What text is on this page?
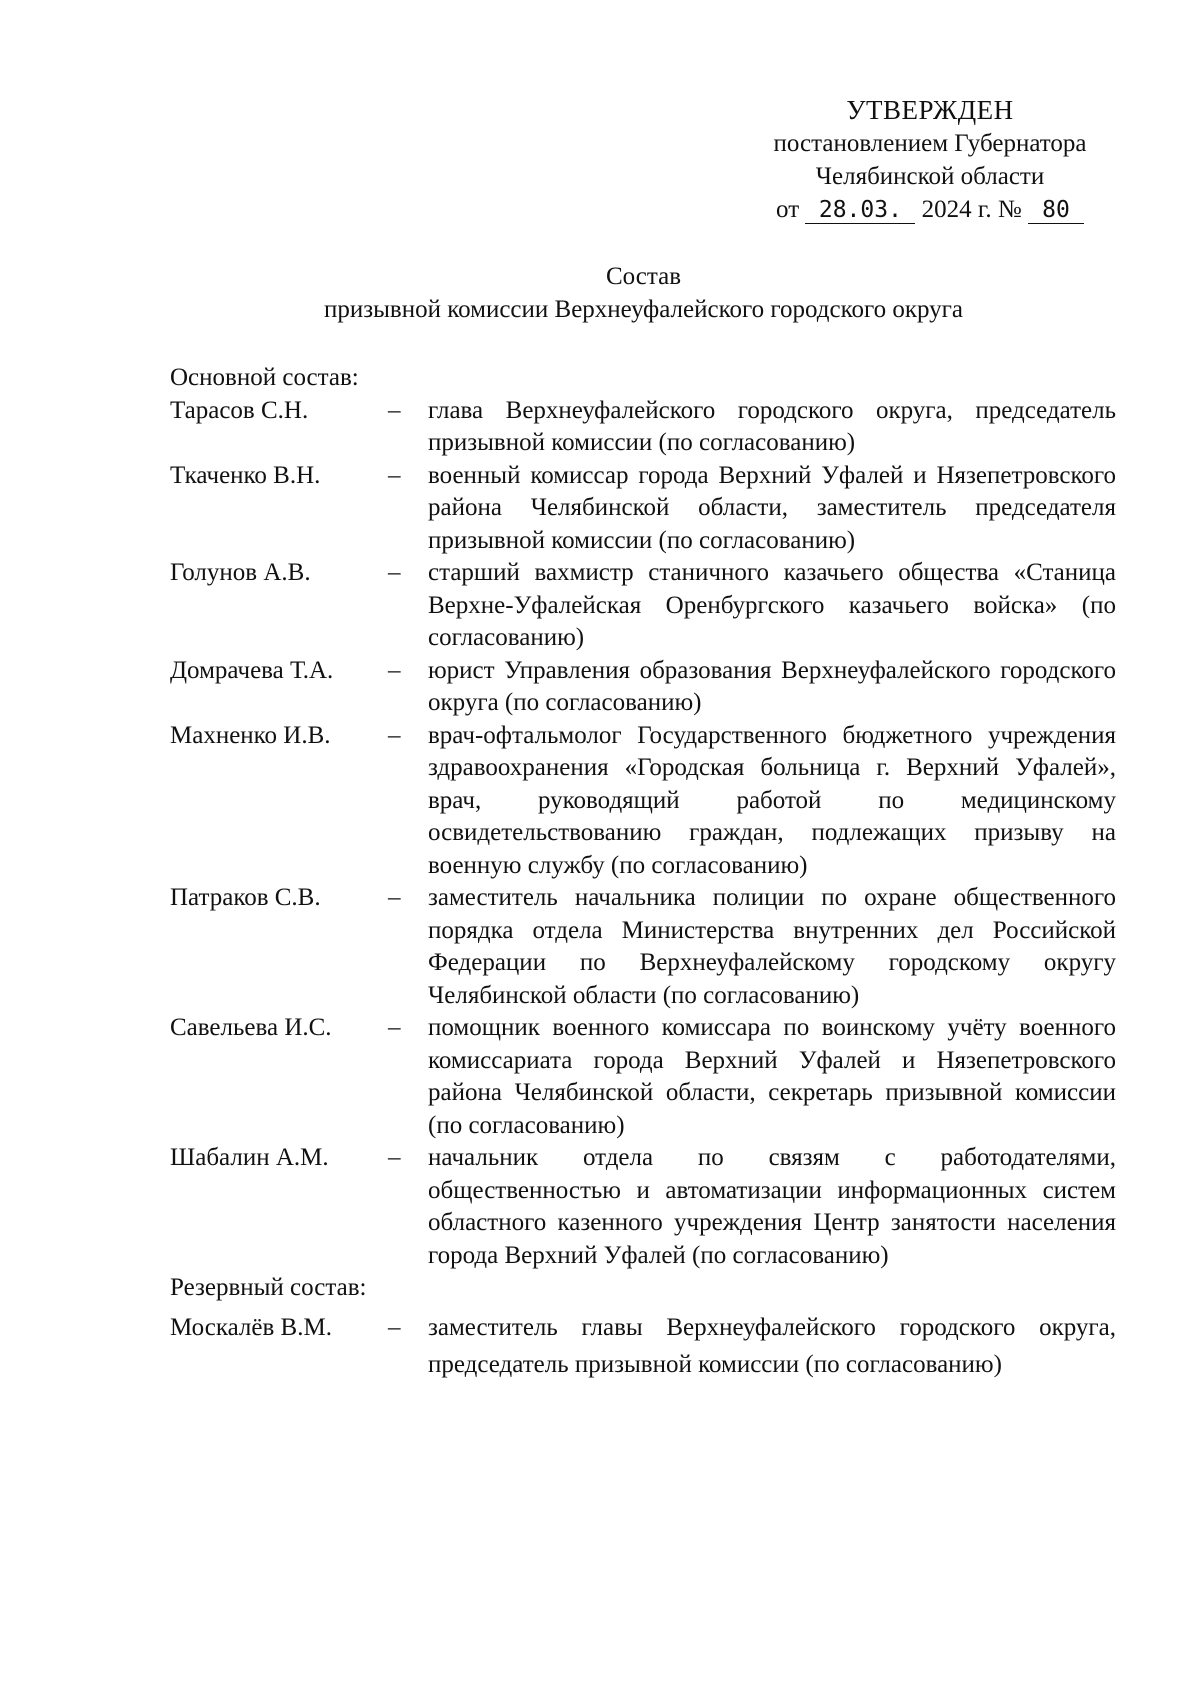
УТВЕРЖДЕН
постановлением Губернатора
Челябинской области
от 28.03. 2024 г. № 80
Состав
призывной комиссии Верхнеуфалейского городского округа
Основной состав:
Тарасов С.Н.	–	глава Верхнеуфалейского городского округа, председатель призывной комиссии (по согласованию)
Ткаченко В.Н.	–	военный комиссар города Верхний Уфалей и Нязепетровского района Челябинской области, заместитель председателя призывной комиссии (по согласованию)
Голунов А.В.	–	старший вахмистр станичного казачьего общества «Станица Верхне-Уфалейская Оренбургского казачьего войска» (по согласованию)
Домрачева Т.А.	–	юрист Управления образования Верхнеуфалейского городского округа (по согласованию)
Махненко И.В.	–	врач-офтальмолог Государственного бюджетного учреждения здравоохранения «Городская больница г. Верхний Уфалей», врач, руководящий работой по медицинскому освидетельствованию граждан, подлежащих призыву на военную службу (по согласованию)
Патраков С.В.	–	заместитель начальника полиции по охране общественного порядка отдела Министерства внутренних дел Российской Федерации по Верхнеуфалейскому городскому округу Челябинской области (по согласованию)
Савельева И.С.	–	помощник военного комиссара по воинскому учёту военного комиссариата города Верхний Уфалей и Нязепетровского района Челябинской области, секретарь призывной комиссии (по согласованию)
Шабалин А.М.	–	начальник отдела по связям с работодателями, общественностью и автоматизации информационных систем областного казенного учреждения Центр занятости населения города Верхний Уфалей (по согласованию)
Резервный состав:
Москалёв В.М.	–	заместитель главы Верхнеуфалейского городского округа, председатель призывной комиссии (по согласованию)
